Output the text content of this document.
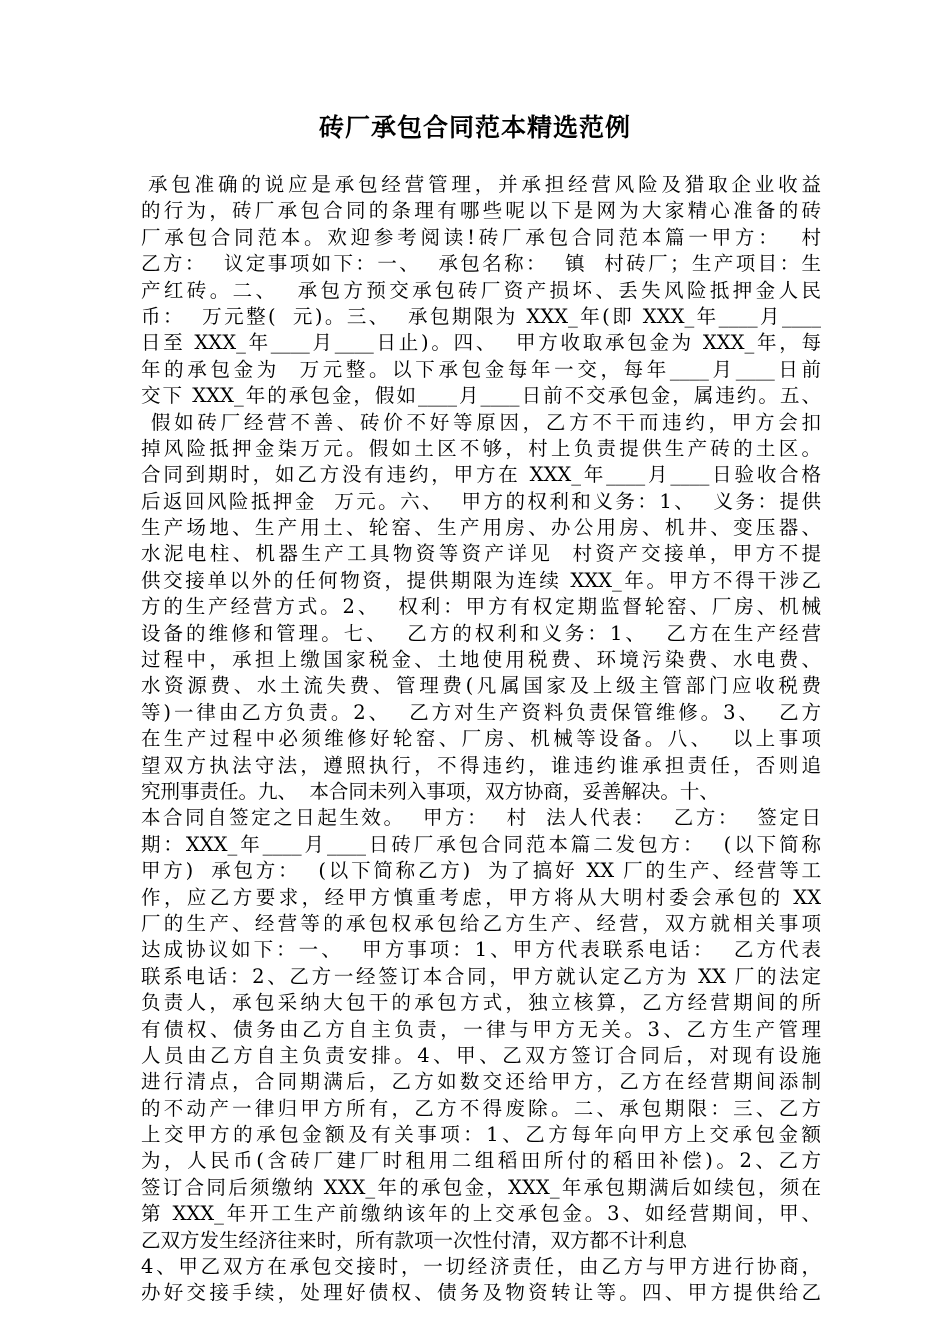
砖厂承包合同范本精选范例
承包准确的说应是承包经营管理，并承担经营风险及猎取企业收益
的行为，砖厂承包合同的条理有哪些呢以下是网为大家精心准备的砖
厂承包合同范本。欢迎参考阅读!砖厂承包合同范本篇一甲方：  村
乙方：  议定事项如下：一、  承包名称：  镇  村砖厂；生产项目：生
产红砖。二、  承包方预交承包砖厂资产损坏、丢失风险抵押金人民
币：  万元整(  元)。三、  承包期限为 XXX_年(即 XXX_年____月____
日至 XXX_年____月____日止)。四、  甲方收取承包金为 XXX_年，每
年的承包金为  万元整。以下承包金每年一交，每年____月____日前
交下 XXX_年的承包金，假如____月____日前不交承包金，属违约。五、
假如砖厂经营不善、砖价不好等原因，乙方不干而违约，甲方会扣
掉风险抵押金柒万元。假如土区不够，村上负责提供生产砖的土区。
合同到期时，如乙方没有违约，甲方在 XXX_年____月____日验收合格
后返回风险抵押金  万元。六、  甲方的权利和义务：1、  义务：提供
生产场地、生产用土、轮窑、生产用房、办公用房、机井、变压器、
水泥电柱、机器生产工具物资等资产详见  村资产交接单，甲方不提
供交接单以外的任何物资，提供期限为连续 XXX_年。甲方不得干涉乙
方的生产经营方式。2、  权利：甲方有权定期监督轮窑、厂房、机械
设备的维修和管理。七、  乙方的权利和义务：1、  乙方在生产经营
过程中，承担上缴国家税金、土地使用税费、环境污染费、水电费、
水资源费、水土流失费、管理费(凡属国家及上级主管部门应收税费
等)一律由乙方负责。2、  乙方对生产资料负责保管维修。3、  乙方
在生产过程中必须维修好轮窑、厂房、机械等设备。八、  以上事项
望双方执法守法，遵照执行，不得违约，谁违约谁承担责任，否则追
究刑事责任。九、  本合同未列入事项，双方协商，妥善解决。十、
本合同自签定之日起生效。  甲方：  村  法人代表：  乙方：  签定日
期：XXX_年____月____日砖厂承包合同范本篇二发包方：  (以下简称
甲方)  承包方：  (以下简称乙方)  为了搞好 XX 厂的生产、经营等工
作，应乙方要求，经甲方慎重考虑，甲方将从大明村委会承包的 XX
厂的生产、经营等的承包权承包给乙方生产、经营，双方就相关事项
达成协议如下：一、  甲方事项：1、甲方代表联系电话：  乙方代表
联系电话：2、乙方一经签订本合同，甲方就认定乙方为 XX 厂的法定
负责人，承包采纳大包干的承包方式，独立核算，乙方经营期间的所
有债权、债务由乙方自主负责，一律与甲方无关。3、乙方生产管理
人员由乙方自主负责安排。4、甲、乙双方签订合同后，对现有设施
进行清点，合同期满后，乙方如数交还给甲方，乙方在经营期间添制
的不动产一律归甲方所有，乙方不得废除。二、承包期限：三、乙方
上交甲方的承包金额及有关事项：1、乙方每年向甲方上交承包金额
为，人民币(含砖厂建厂时租用二组稻田所付的稻田补偿)。2、乙方
签订合同后须缴纳 XXX_年的承包金，XXX_年承包期满后如续包，须在
第 XXX_年开工生产前缴纳该年的上交承包金。3、如经营期间，甲、
乙双方发生经济往来时，所有款项一次性付清，双方都不计利息
4、甲乙双方在承包交接时，一切经济责任，由乙方与甲方进行协商，
办好交接手续，处理好债权、债务及物资转让等。四、甲方提供给乙
